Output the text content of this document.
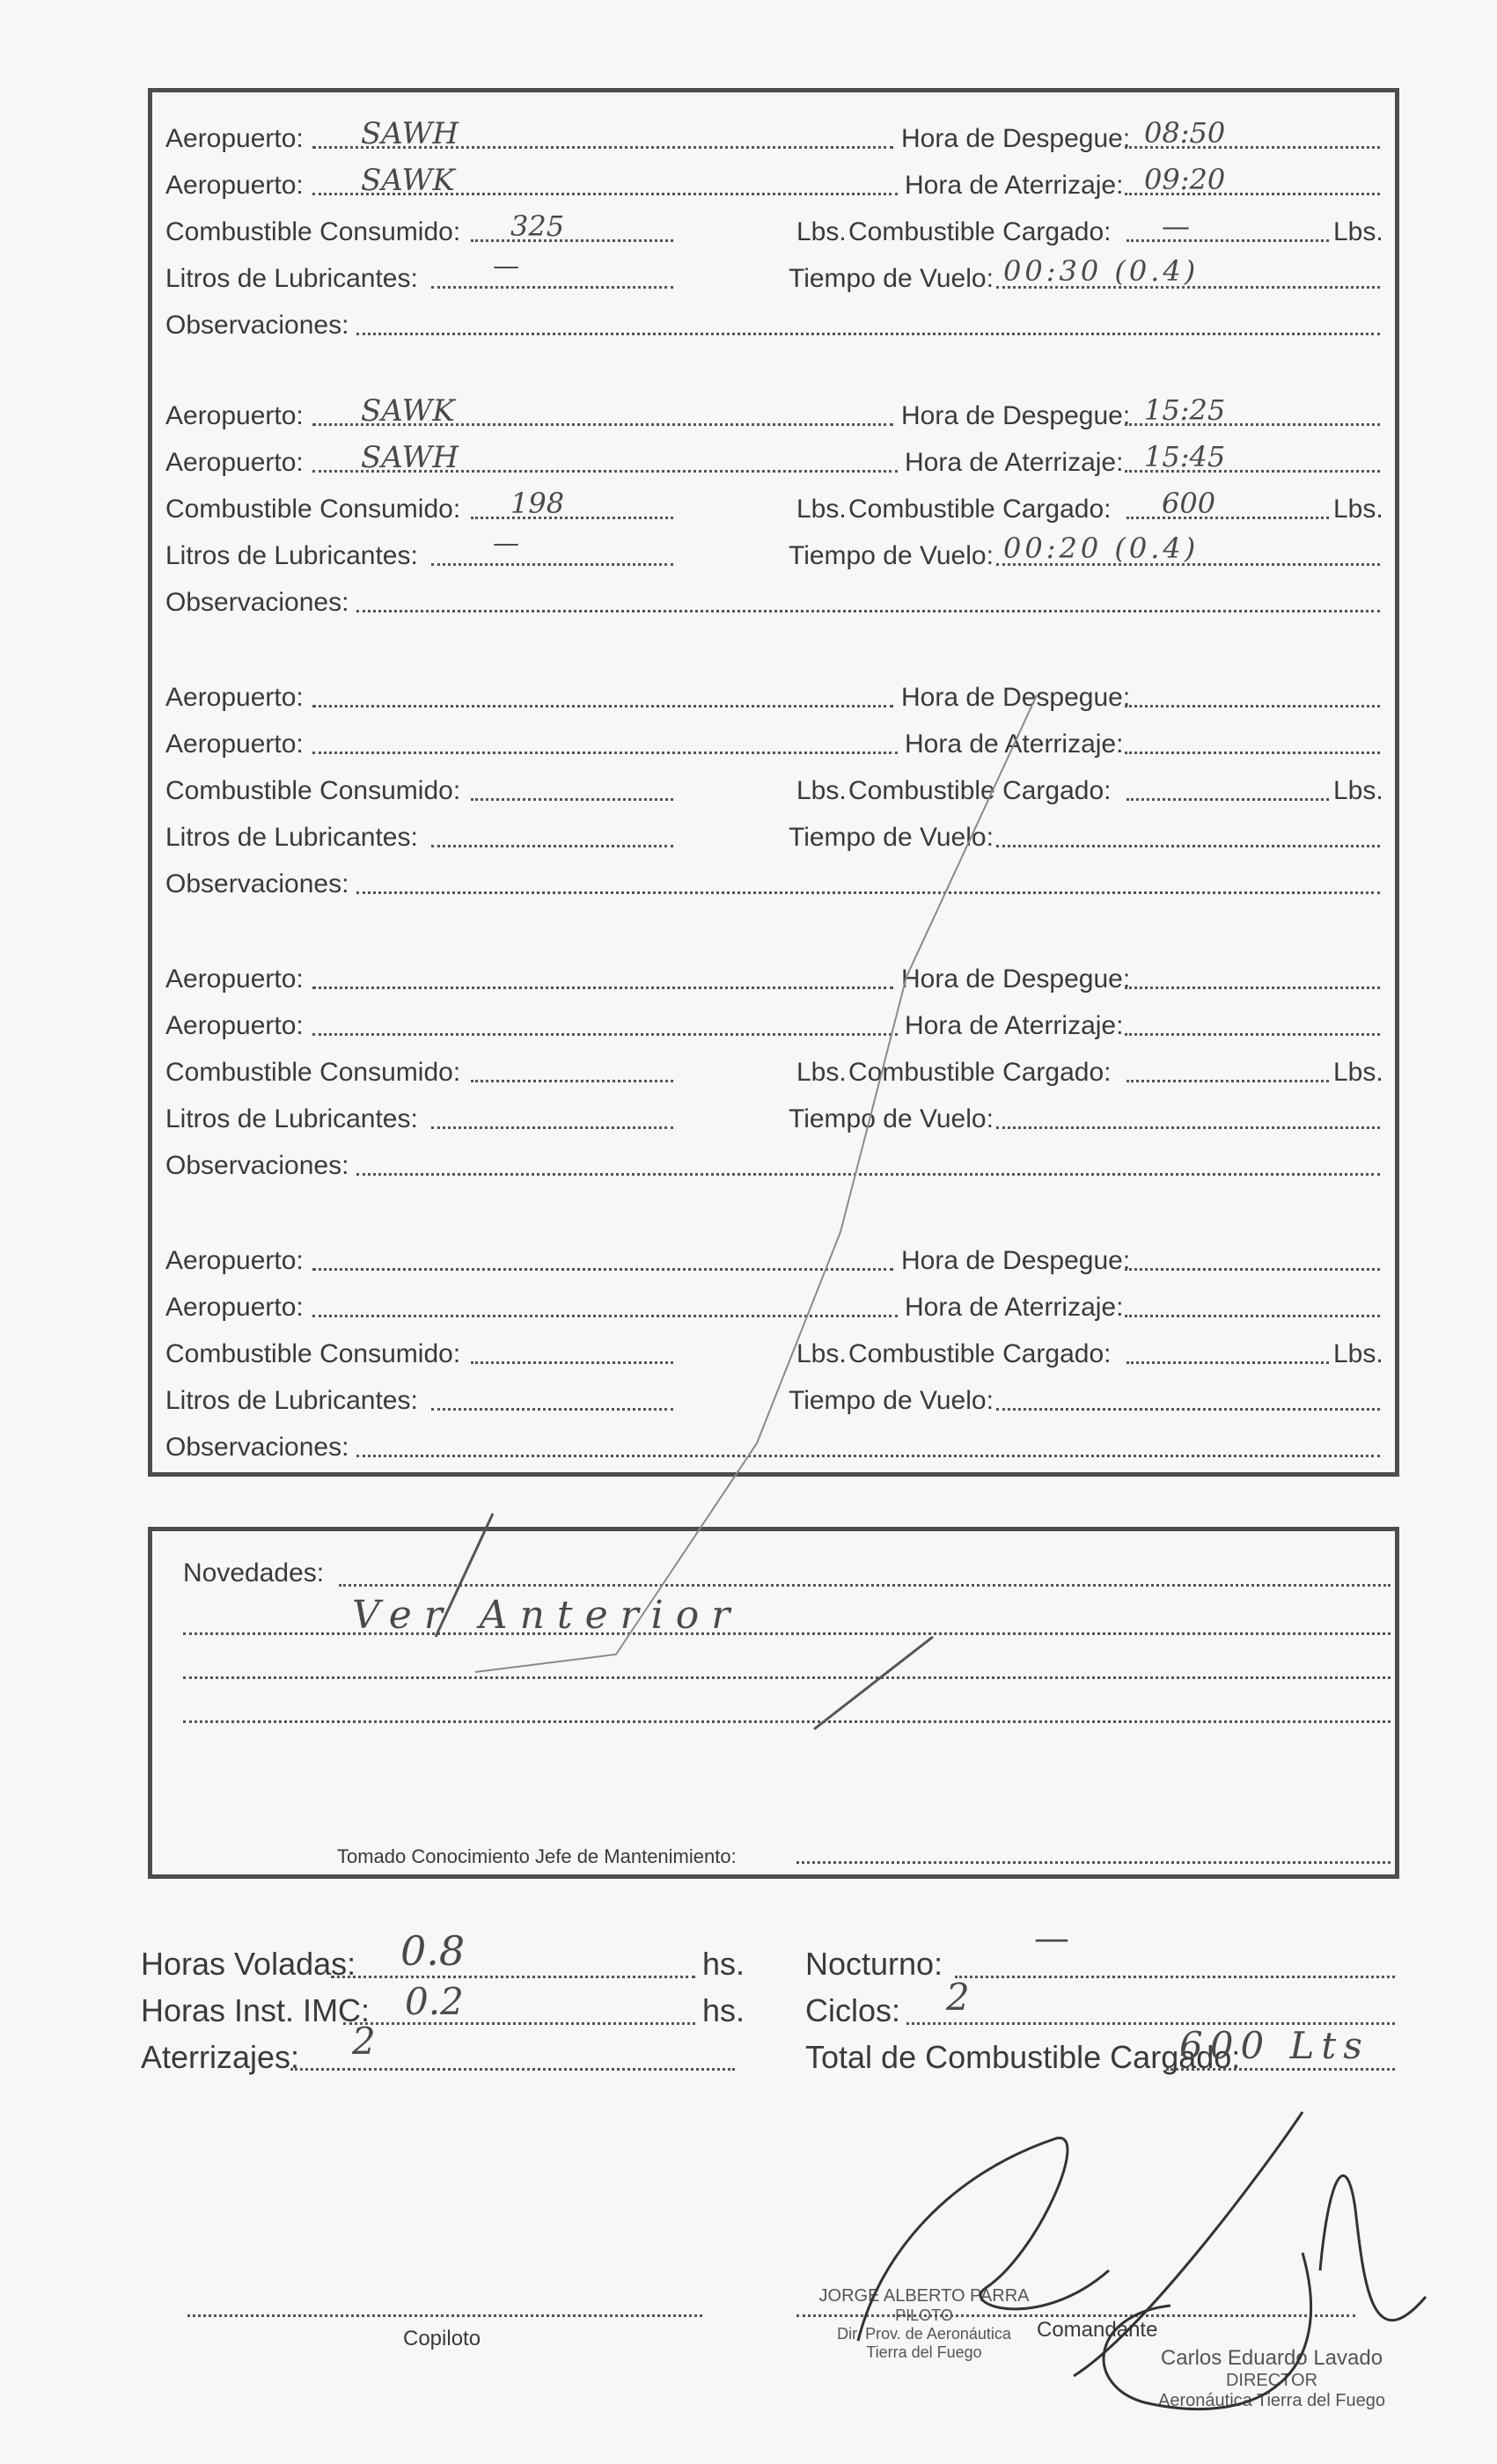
Aeropuerto: SAWH	Hora de Despegue: 08:50
Aeropuerto: SAWK	Hora de Aterrizaje: 09:20
Combustible Consumido: 325	Lbs. Combustible Cargado: —	Lbs.
Litros de Lubricantes:	—	Tiempo de Vuelo: 00:30 (0.4)
Observaciones:
Aeropuerto: SAWK	Hora de Despegue: 15:25
Aeropuerto: SAWH	Hora de Aterrizaje: 15:45
Combustible Consumido: 198	Lbs. Combustible Cargado: 600	Lbs.
Litros de Lubricantes:	—	Tiempo de Vuelo: 00:20 (0.4)
Observaciones:
Aeropuerto:	Hora de Despegue:
Aeropuerto:	Hora de Aterrizaje:
Combustible Consumido:	Lbs. Combustible Cargado:	Lbs.
Litros de Lubricantes:	Tiempo de Vuelo:
Observaciones:
Aeropuerto:	Hora de Despegue:
Aeropuerto:	Hora de Aterrizaje:
Combustible Consumido:	Lbs. Combustible Cargado:	Lbs.
Litros de Lubricantes:	Tiempo de Vuelo:
Observaciones:
Aeropuerto:	Hora de Despegue:
Aeropuerto:	Hora de Aterrizaje:
Combustible Consumido:	Lbs. Combustible Cargado:	Lbs.
Litros de Lubricantes:	Tiempo de Vuelo:
Observaciones:
Novedades:
Ver Anterior
Tomado Conocimiento Jefe de Mantenimiento:
Horas Voladas: 0.8	hs.
Horas Inst. IMC: 0.2	hs.
Aterrizajes: 2
Nocturno:
—
Ciclos: 2
Total de Combustible Cargado:
600 Lts
Copiloto
JORGE ALBERTO PARRA
PILOTO
Dir. Prov. de Aeronáutica
Tierra del Fuego
Comandante
Carlos Eduardo Lavado
DIRECTOR
Aeronáutica Tierra del Fuego
